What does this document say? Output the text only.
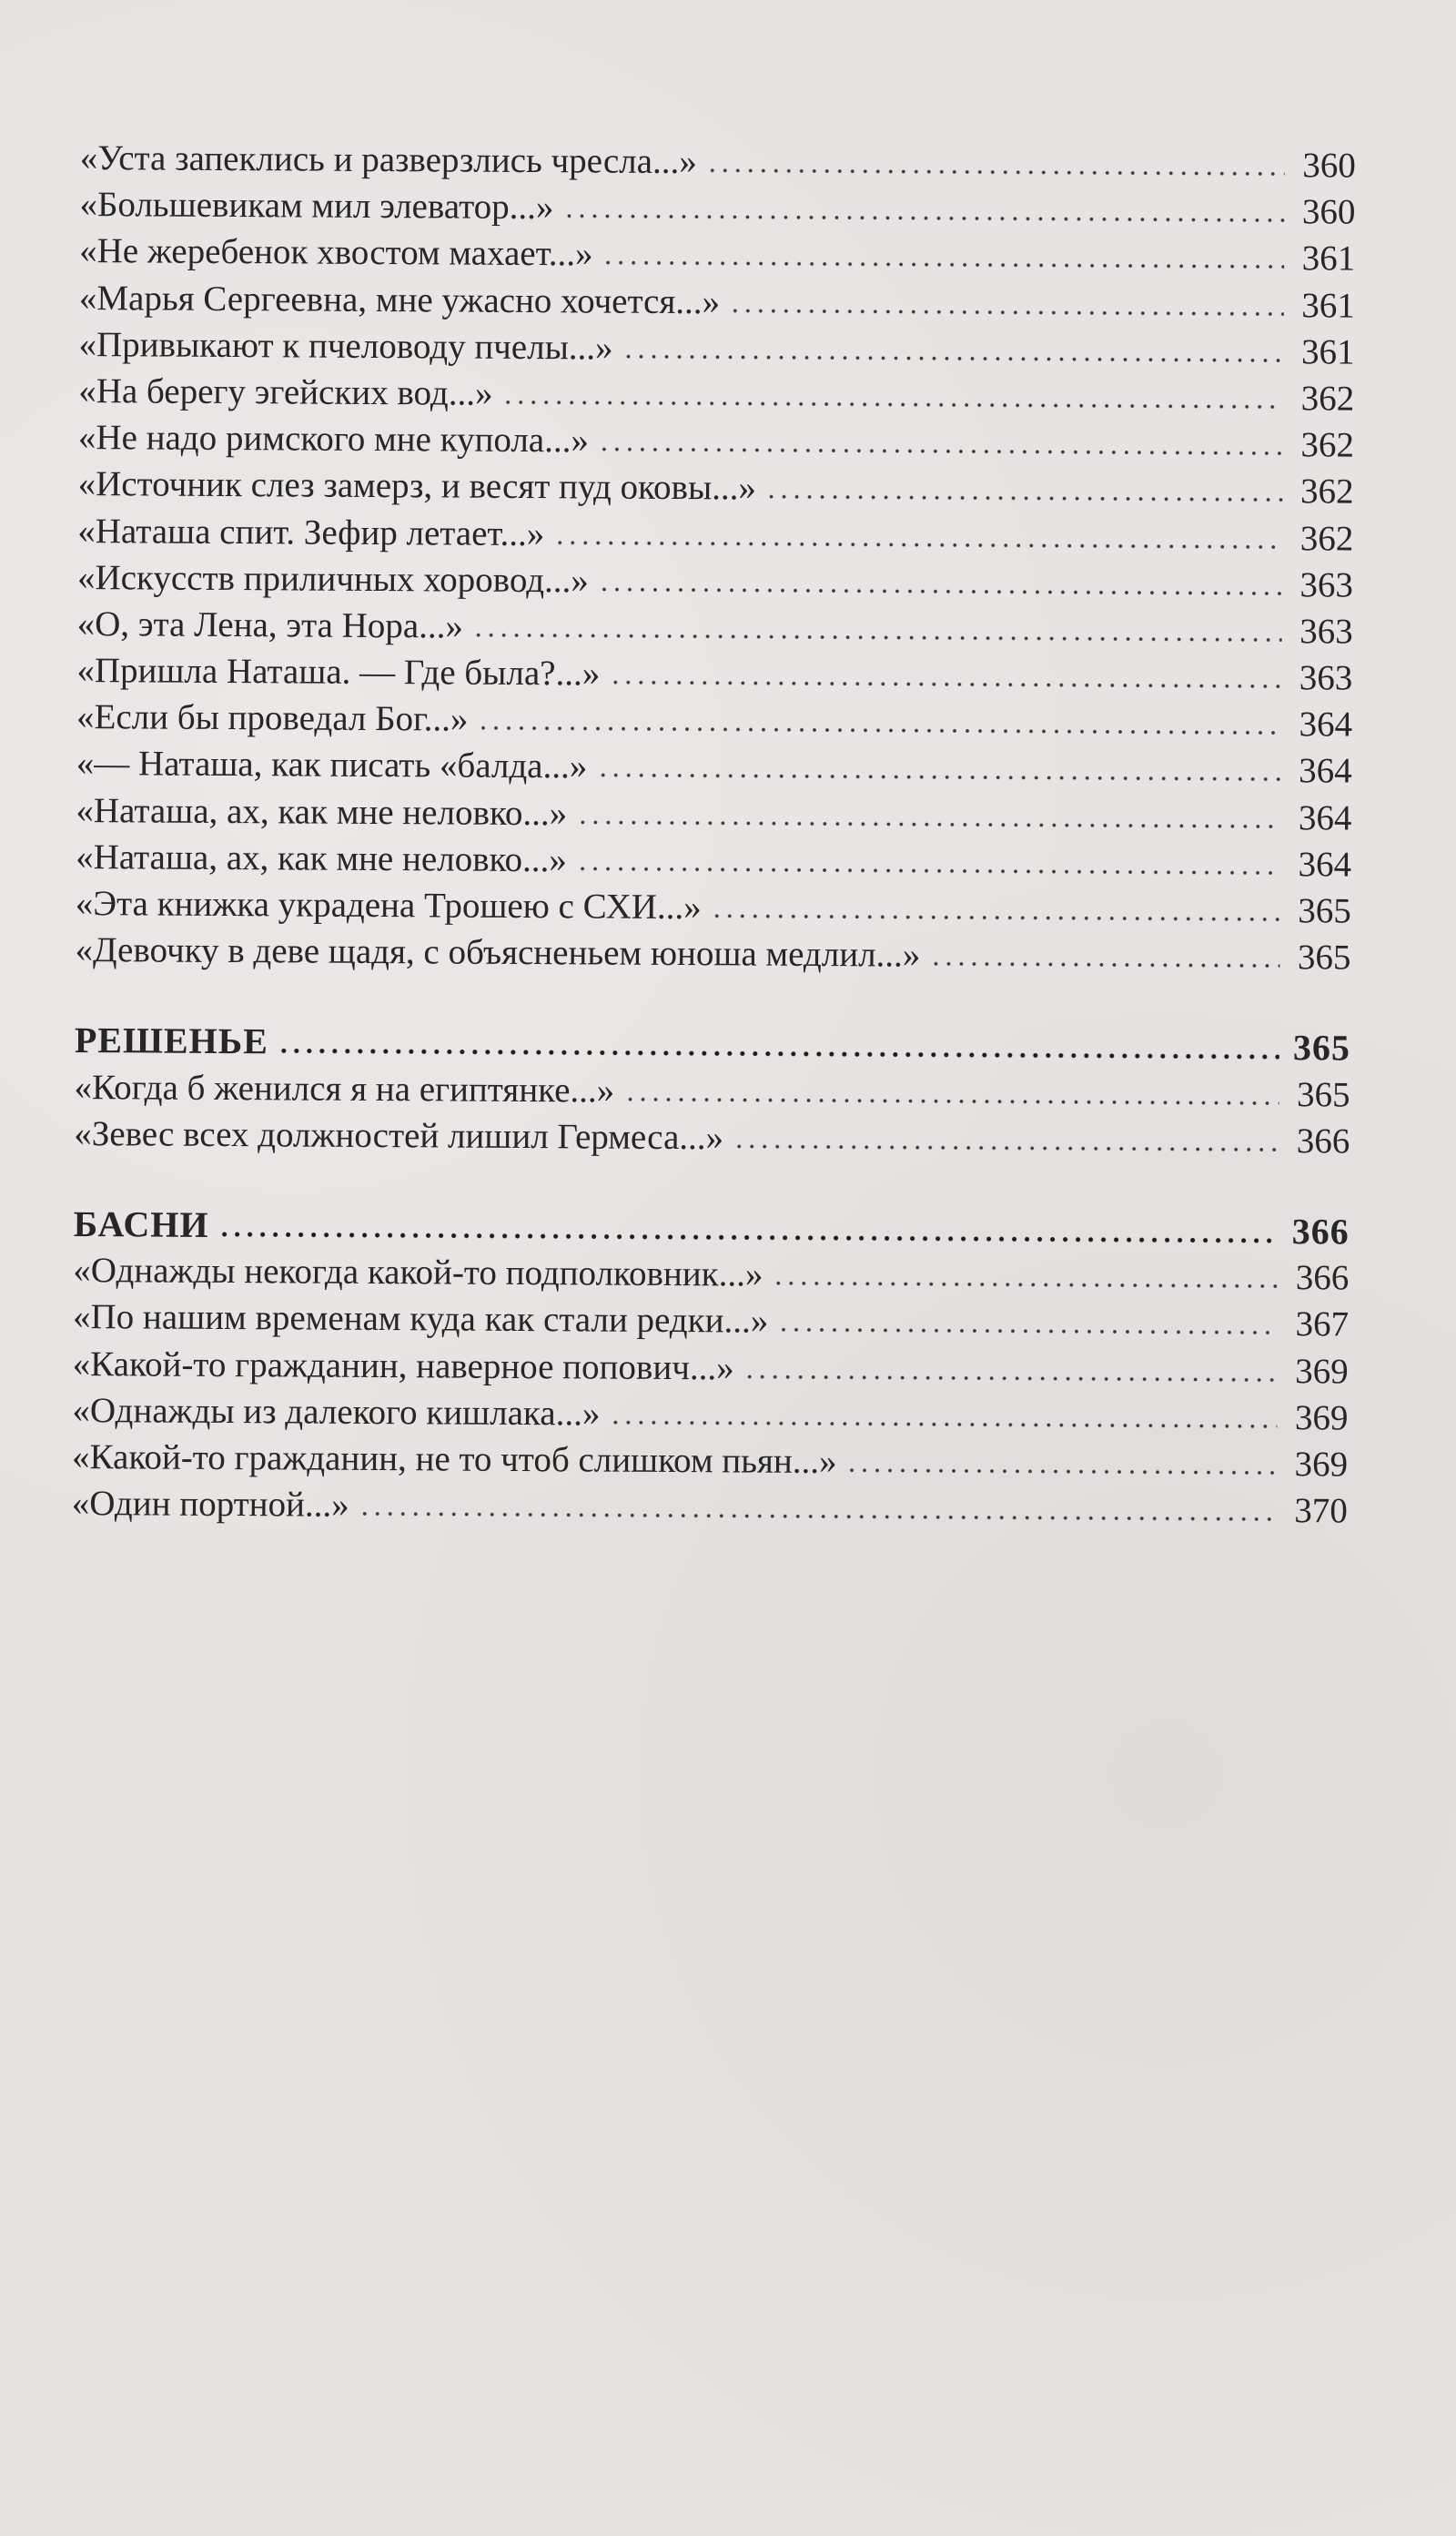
«Уста запеклись и разверзлись чресла...»	360
«Большевикам мил элеватор...»	360
«Не жеребенок хвостом махает...»	361
«Марья Сергеевна, мне ужасно хочется...»	361
«Привыкают к пчеловоду пчелы...»	361
«На берегу эгейских вод...»	362
«Не надо римского мне купола...»	362
«Источник слез замерз, и весят пуд оковы...»	362
«Наташа спит. Зефир летает...»	362
«Искусств приличных хоровод...»	363
«О, эта Лена, эта Нора...»	363
«Пришла Наташа. — Где была?...»	363
«Если бы проведал Бог...»	364
«— Наташа, как писать «балда...»	364
«Наташа, ах, как мне неловко...»	364
«Наташа, ах, как мне неловко...»	364
«Эта книжка украдена Трошею с СХИ...»	365
«Девочку в деве щадя, с объясненьем юноша медлил...»	365
РЕШЕНЬЕ	365
«Когда б женился я на египтянке...»	365
«Зевес всех должностей лишил Гермеса...»	366
БАСНИ	366
«Однажды некогда какой-то подполковник...»	366
«По нашим временам куда как стали редки...»	367
«Какой-то гражданин, наверное попович...»	369
«Однажды из далекого кишлака...»	369
«Какой-то гражданин, не то чтоб слишком пьян...»	369
«Один портной...»	370
